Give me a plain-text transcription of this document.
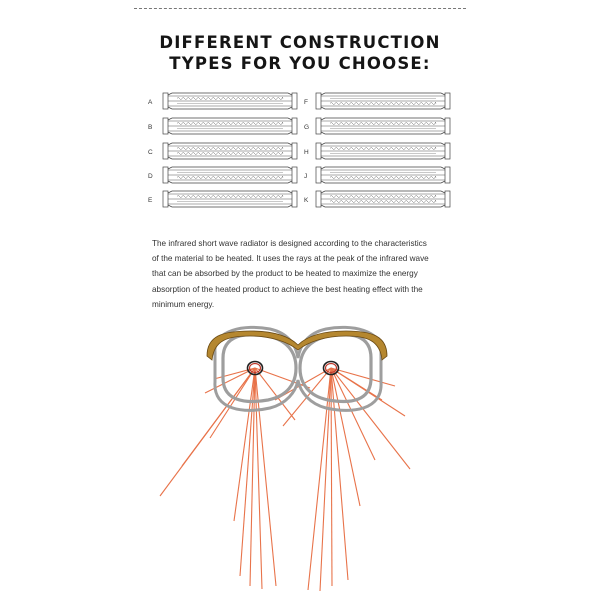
DIFFERENT CONSTRUCTION
TYPES FOR YOU CHOOSE:
A
B
C
D
E
F
G
H
J
K
The infrared short wave radiator is designed according to the characteristics
of the material to be heated. It uses the rays at the peak of the infrared wave
that can be absorbed by the product to be heated to maximize the energy
absorption of the heated product to achieve the best heating effect with the
minimum energy.
